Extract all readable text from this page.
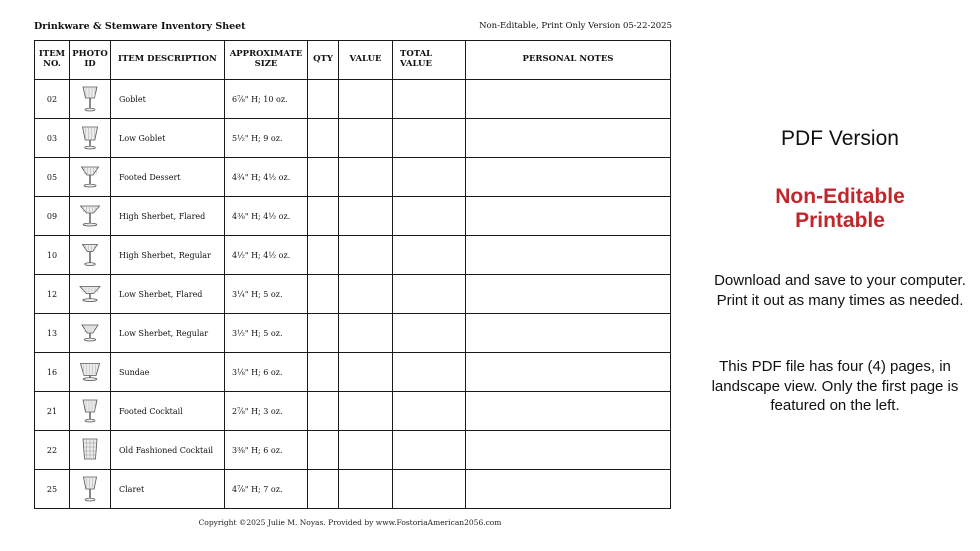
Drinkware & Stemware Inventory Sheet	Non-Editable, Print Only Version 05-22-2025
ITEM NO.	PHOTO ID	ITEM DESCRIPTION	APPROXIMATE SIZE	QTY	VALUE	TOTAL VALUE	PERSONAL NOTES
02		Goblet	6⅞" H; 10 oz.				
03		Low Goblet	5½" H; 9 oz.				
05		Footed Dessert	4¾" H; 4½ oz.				
09		High Sherbet, Flared	4⅜" H; 4½ oz.				
10		High Sherbet, Regular	4½" H; 4½ oz.				
12		Low Sherbet, Flared	3¼" H; 5 oz.				
13		Low Sherbet, Regular	3½" H; 5 oz.				
16		Sundae	3⅛" H; 6 oz.				
21		Footed Cocktail	2⅞" H; 3 oz.				
22		Old Fashioned Cocktail	3⅜" H; 6 oz.				
25		Claret	4⅞" H; 7 oz.				
Copyright ©2025 Julie M. Noyas. Provided by www.FostoriaAmerican2056.com
PDF Version
Non-Editable
Printable
Download and save to your computer. Print it out as many times as needed.
This PDF file has four (4) pages, in landscape view. Only the first page is featured on the left.
